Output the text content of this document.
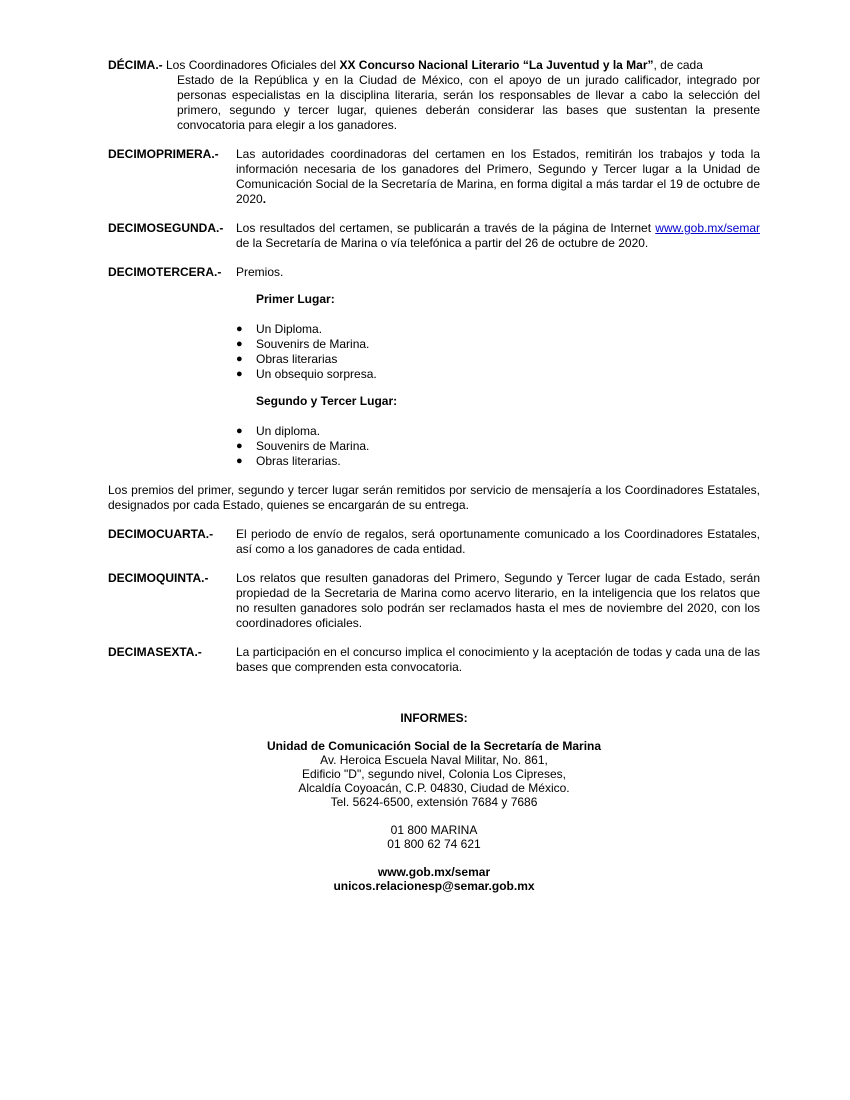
DÉCIMA.- Los Coordinadores Oficiales del XX Concurso Nacional Literario “La Juventud y la Mar”, de cada
Estado de la República y en la Ciudad de México, con el apoyo de un jurado calificador, integrado por personas especialistas en la disciplina literaria, serán los responsables de llevar a cabo la selección del primero, segundo y tercer lugar, quienes deberán considerar las bases que sustentan la presente convocatoria para elegir a los ganadores.

DECIMOPRIMERA.-	Las autoridades coordinadoras del certamen en los Estados, remitirán los trabajos y toda la información necesaria de los ganadores del Primero, Segundo y Tercer lugar a la Unidad de Comunicación Social de la Secretaría de Marina, en forma digital a más tardar el 19 de octubre de 2020.

DECIMOSEGUNDA.-	Los resultados del certamen, se publicarán a través de la página de Internet www.gob.mx/semar de la Secretaría de Marina o vía telefónica a partir del 26 de octubre de 2020.

DECIMOTERCERA.-	Premios.

Primer Lugar:
● Un Diploma.
● Souvenirs de Marina.
● Obras literarias
● Un obsequio sorpresa.
Segundo y Tercer Lugar:
● Un diploma.
● Souvenirs de Marina.
● Obras literarias.

Los premios del primer, segundo y tercer lugar serán remitidos por servicio de mensajería a los Coordinadores Estatales, designados por cada Estado, quienes se encargarán de su entrega.

DECIMOCUARTA.-	El periodo de envío de regalos, será oportunamente comunicado a los Coordinadores Estatales, así como a los ganadores de cada entidad.

DECIMOQUINTA.-	Los relatos que resulten ganadoras del Primero, Segundo y Tercer lugar de cada Estado, serán propiedad de la Secretaria de Marina como acervo literario, en la inteligencia que los relatos que no resulten ganadores solo podrán ser reclamados hasta el mes de noviembre del 2020, con los coordinadores oficiales.

DECIMASEXTA.-	La participación en el concurso implica el conocimiento y la aceptación de todas y cada una de las bases que comprenden esta convocatoria.

INFORMES:

Unidad de Comunicación Social de la Secretaría de Marina

Av. Heroica Escuela Naval Militar, No. 861,

Edificio "D", segundo nivel, Colonia Los Cipreses,

Alcaldía Coyoacán, C.P. 04830, Ciudad de México.

Tel. 5624-6500, extensión 7684 y 7686

01 800 MARINA

01 800 62 74 621

www.gob.mx/semar

unicos.relacionesp@semar.gob.mx
